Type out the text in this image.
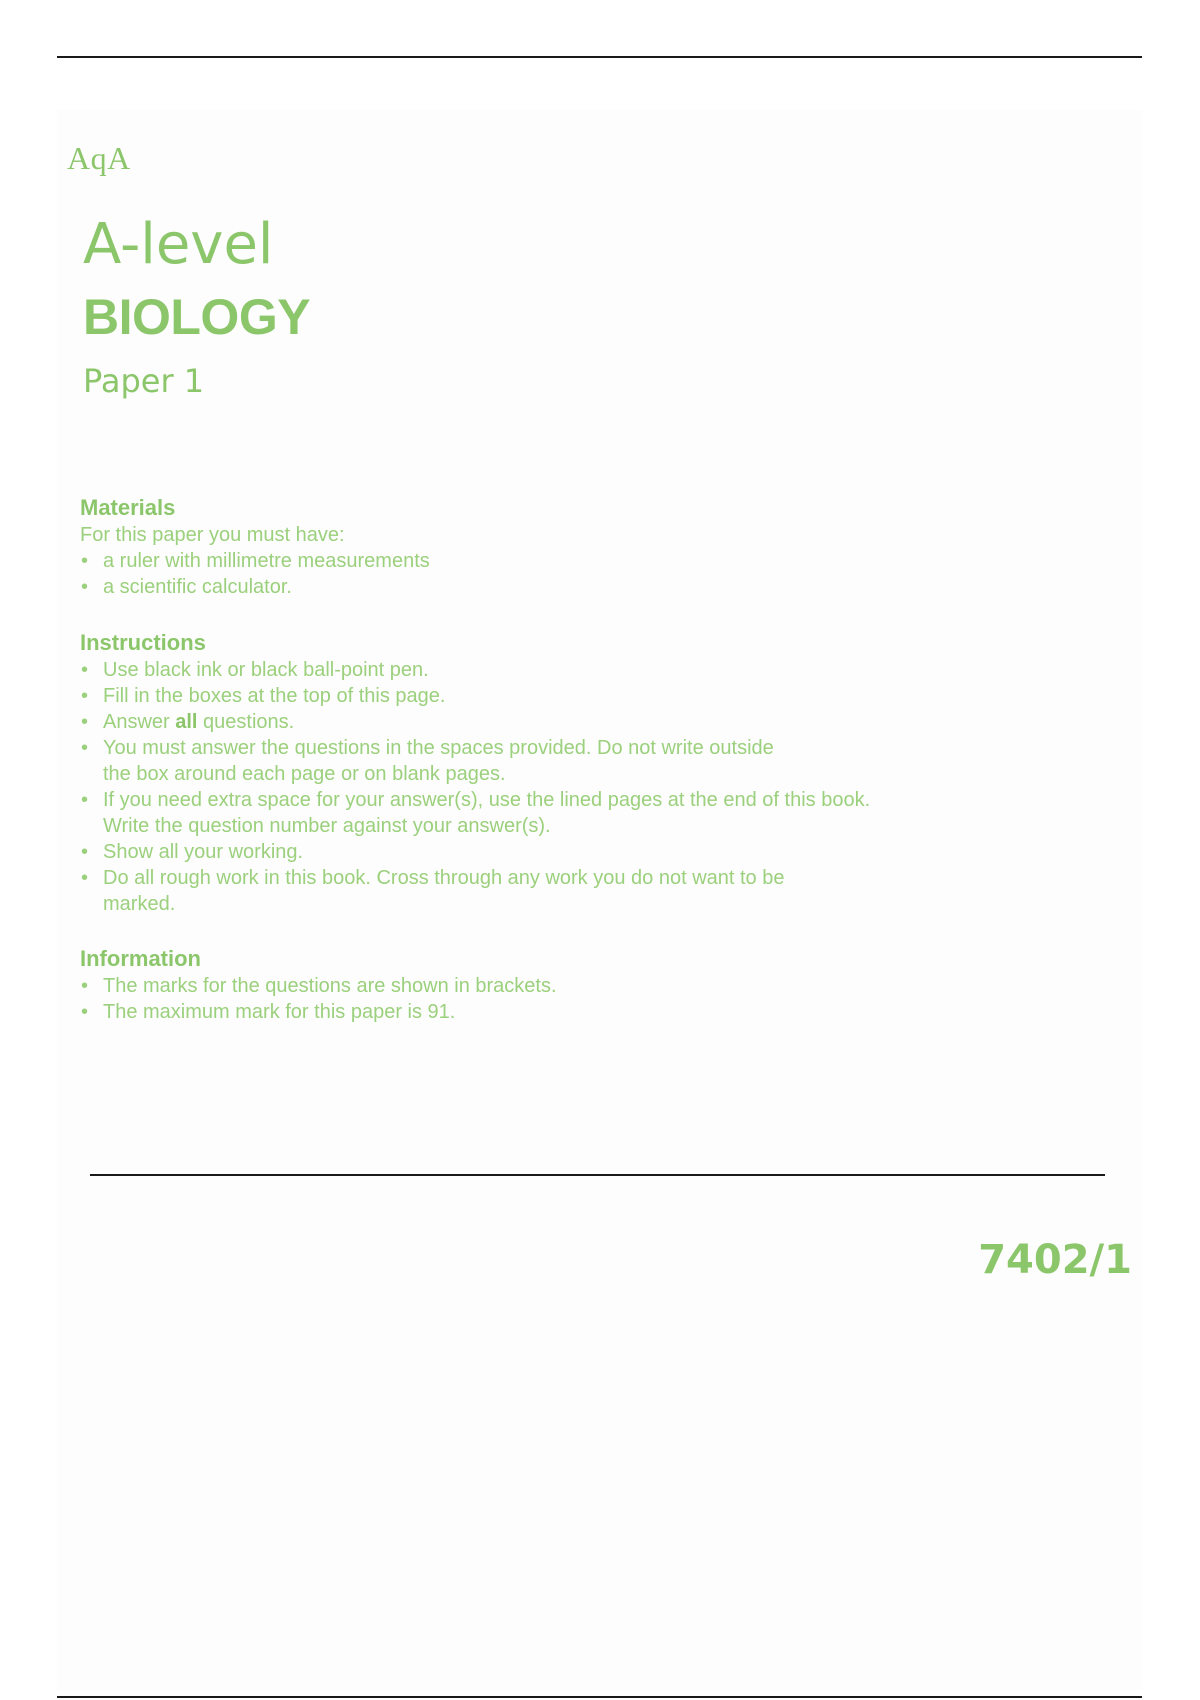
AqA
A-level
BIOLOGY
Paper 1
Materials
For this paper you must have:
• a ruler with millimetre measurements
• a scientific calculator.
Instructions
• Use black ink or black ball-point pen.
• Fill in the boxes at the top of this page.
• Answer all questions.
• You must answer the questions in the spaces provided. Do not write outside the box around each page or on blank pages.
• If you need extra space for your answer(s), use the lined pages at the end of this book. Write the question number against your answer(s).
• Show all your working.
• Do all rough work in this book. Cross through any work you do not want to be marked.
Information
• The marks for the questions are shown in brackets.
• The maximum mark for this paper is 91.
7402/1
